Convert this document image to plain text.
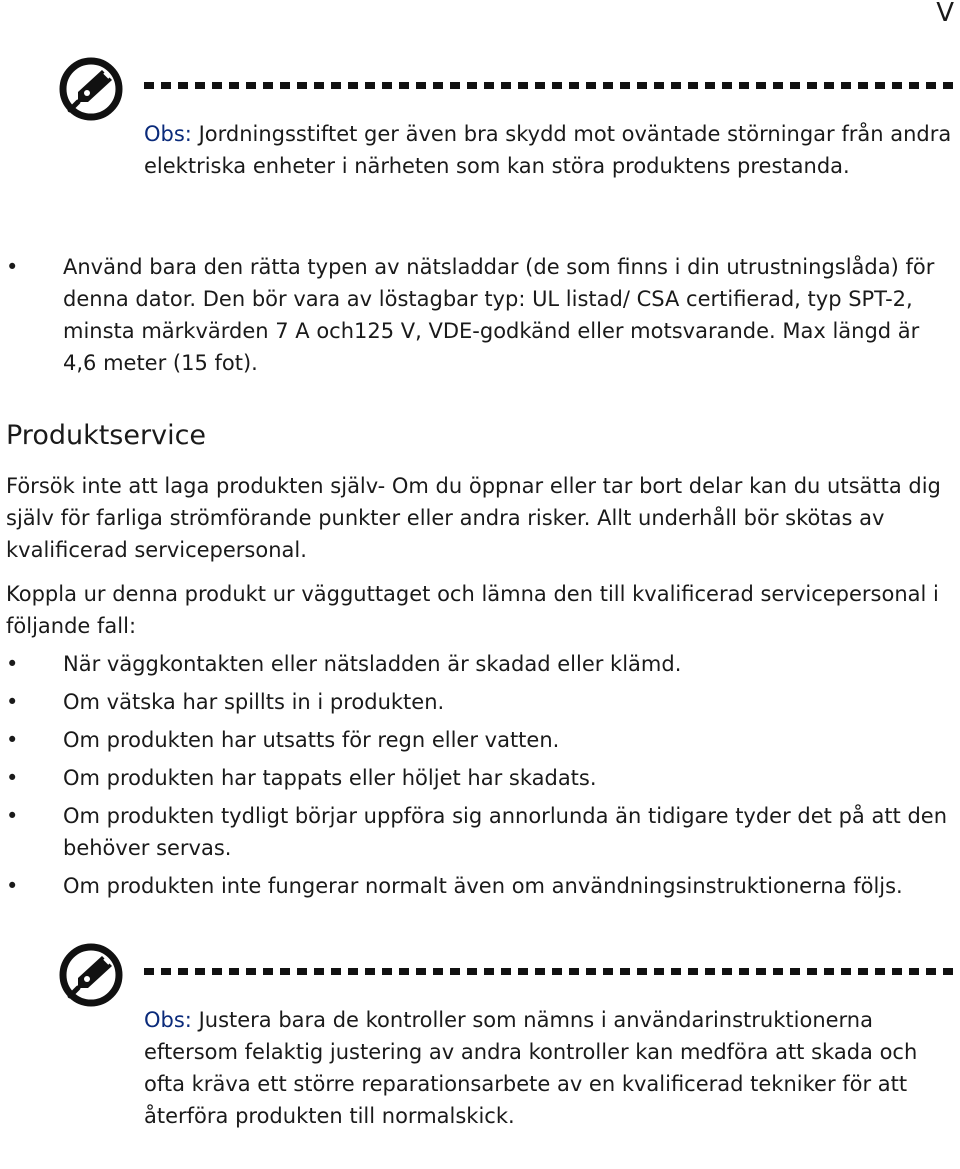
V

Obs: Jordningsstiftet ger även bra skydd mot oväntade störningar från andra elektriska enheter i närheten som kan störa produktens prestanda.

• Använd bara den rätta typen av nätsladdar (de som finns i din utrustningslåda) för denna dator. Den bör vara av löstagbar typ: UL listad/ CSA certifierad, typ SPT-2, minsta märkvärden 7 A och125 V, VDE-godkänd eller motsvarande. Max längd är 4,6 meter (15 fot).
Produktservice

Försök inte att laga produkten själv- Om du öppnar eller tar bort delar kan du utsätta dig själv för farliga strömförande punkter eller andra risker. Allt underhåll bör skötas av kvalificerad servicepersonal.

Koppla ur denna produkt ur vägguttaget och lämna den till kvalificerad servicepersonal i följande fall:

• När väggkontakten eller nätsladden är skadad eller klämd.
• Om vätska har spillts in i produkten.
• Om produkten har utsatts för regn eller vatten.
• Om produkten har tappats eller höljet har skadats.
• Om produkten tydligt börjar uppföra sig annorlunda än tidigare tyder det på att den behöver servas.
• Om produkten inte fungerar normalt även om användningsinstruktionerna följs.

Obs: Justera bara de kontroller som nämns i användarinstruktionerna eftersom felaktig justering av andra kontroller kan medföra att skada och ofta kräva ett större reparationsarbete av en kvalificerad tekniker för att återföra produkten till normalskick.
